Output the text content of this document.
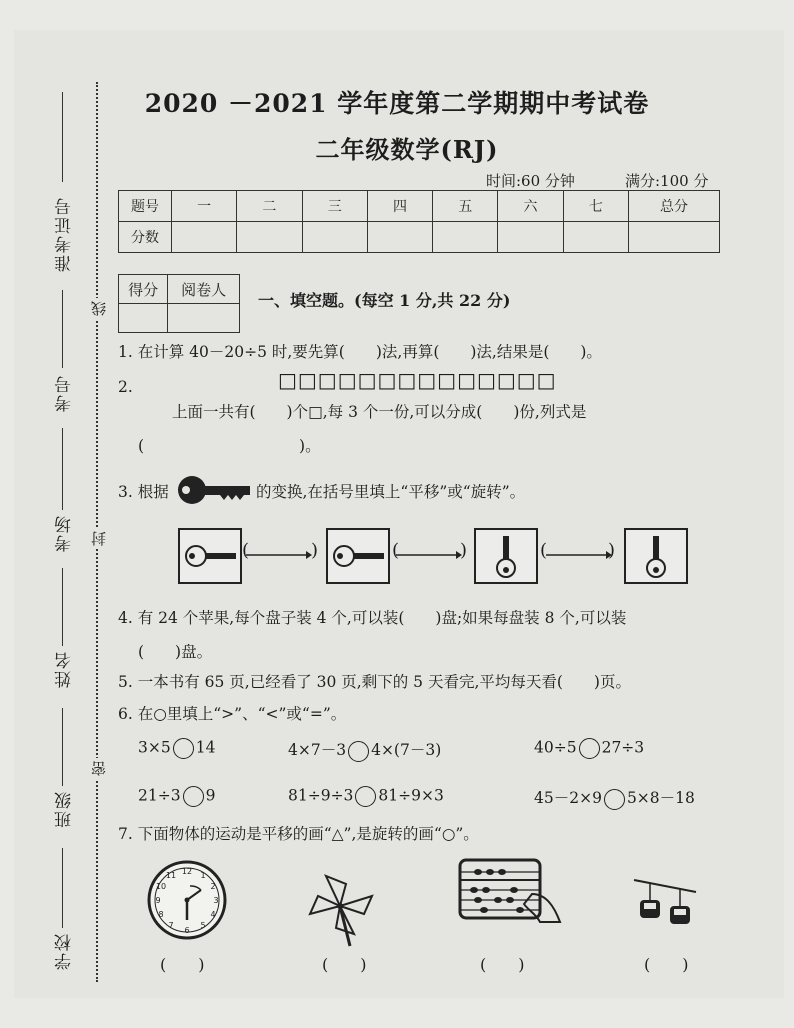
准考证号
考号
考场
姓名
班级
学校
线
封
密
2020 －2021 学年度第二学期期中考试卷
二年级数学(RJ)
时间:60 分钟	满分:100 分
题号	一	二	三	四	五	六	七	总分
分数								
得分	阅卷人

一、填空题。(每空 1 分,共 22 分)
1. 在计算 40－20÷5 时,要先算(　　)法,再算(　　)法,结果是(　　)。
2.	□□□□□□□□□□□□□□
上面一共有(　　)个□,每 3 个一份,可以分成(　　)份,列式是
(　　　　　　　　　　)。
3. 根据	的变换,在括号里填上“平移”或“旋转”。
(	)	(	)	(	)
4. 有 24 个苹果,每个盘子装 4 个,可以装(　　)盘;如果每盘装 8 个,可以装
(　　)盘。
5. 一本书有 65 页,已经看了 30 页,剩下的 5 天看完,平均每天看(　　)页。
6. 在○里填上“>”、“<”或“=”。
3×5 14	4×7－3 4×(7－3)	40÷5 27÷3
21÷3 9	81÷9÷3 81÷9×3	45－2×9 5×8－18
7. 下面物体的运动是平移的画“△”,是旋转的画“○”。
12 1
2
3
4
5
6
7
8
9
10
11
(　　)	(　　)	(　　)	(　　)
